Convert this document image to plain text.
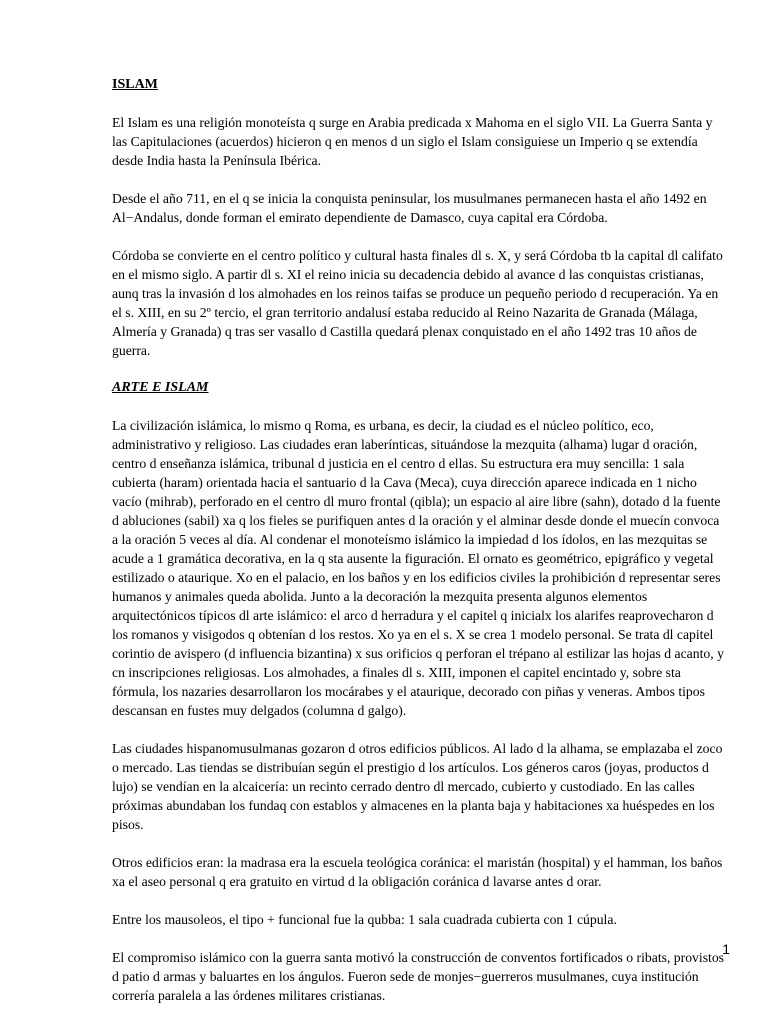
ISLAM

El Islam es una religión monoteísta q surge en Arabia predicada x Mahoma en el siglo VII. La Guerra Santa y las Capitulaciones (acuerdos) hicieron q en menos d un siglo el Islam consiguiese un Imperio q se extendía desde India hasta la Península Ibérica.

Desde el año 711, en el q se inicia la conquista peninsular, los musulmanes permanecen hasta el año 1492 en Al−Andalus, donde forman el emirato dependiente de Damasco, cuya capital era Córdoba.

Córdoba se convierte en el centro político y cultural hasta finales dl s. X, y será Córdoba tb la capital dl califato en el mismo siglo. A partir dl s. XI el reino inicia su decadencia debido al avance d las conquistas cristianas, aunq tras la invasión d los almohades en los reinos taifas se produce un pequeño periodo d recuperación. Ya en el s. XIII, en su 2º tercio, el gran territorio andalusí estaba reducido al Reino Nazarita de Granada (Málaga, Almería y Granada) q tras ser vasallo d Castilla quedará plenax conquistado en el año 1492 tras 10 años de guerra.

ARTE E ISLAM

La civilización islámica, lo mismo q Roma, es urbana, es decir, la ciudad es el núcleo político, eco, administrativo y religioso. Las ciudades eran laberínticas, situándose la mezquita (alhama) lugar d oración, centro d enseñanza islámica, tribunal d justicia en el centro d ellas. Su estructura era muy sencilla: 1 sala cubierta (haram) orientada hacia el santuario d la Cava (Meca), cuya dirección aparece indicada en 1 nicho vacío (mihrab), perforado en el centro dl muro frontal (qibla); un espacio al aire libre (sahn), dotado d la fuente d abluciones (sabil) xa q los fieles se purifiquen antes d la oración y el alminar desde donde el muecín convoca a la oración 5 veces al día. Al condenar el monoteísmo islámico la impiedad d los ídolos, en las mezquitas se acude a 1 gramática decorativa, en la q sta ausente la figuración. El ornato es geométrico, epigráfico y vegetal estilizado o ataurique. Xo en el palacio, en los baños y en los edificios civiles la prohibición d representar seres humanos y animales queda abolida. Junto a la decoración la mezquita presenta algunos elementos arquitectónicos típicos dl arte islámico: el arco d herradura y el capitel q inicialx los alarifes reaprovecharon d los romanos y visigodos q obtenían d los restos. Xo ya en el s. X se crea 1 modelo personal. Se trata dl capitel corintio de avispero (d influencia bizantina) x sus orificios q perforan el trépano al estilizar las hojas d acanto, y cn inscripciones religiosas. Los almohades, a finales dl s. XIII, imponen el capitel encintado y, sobre sta fórmula, los nazaries desarrollaron los mocárabes y el ataurique, decorado con piñas y veneras. Ambos tipos descansan en fustes muy delgados (columna d galgo).

Las ciudades hispanomusulmanas gozaron d otros edificios públicos. Al lado d la alhama, se emplazaba el zoco o mercado. Las tiendas se distribuían según el prestigio d los artículos. Los géneros caros (joyas, productos d lujo) se vendían en la alcaicería: un recinto cerrado dentro dl mercado, cubierto y custodiado. En las calles próximas abundaban los fundaq con establos y almacenes en la planta baja y habitaciones xa huéspedes en los pisos.

Otros edificios eran: la madrasa era la escuela teológica coránica: el maristán (hospital) y el hamman, los baños xa el aseo personal q era gratuito en virtud d la obligación coránica d lavarse antes d orar.

Entre los mausoleos, el tipo + funcional fue la qubba: 1 sala cuadrada cubierta con 1 cúpula.

El compromiso islámico con la guerra santa motivó la construcción de conventos fortificados o ribats, provistos d patio d armas y baluartes en los ángulos. Fueron sede de monjes−guerreros musulmanes, cuya institución correría paralela a las órdenes militares cristianas.

1
